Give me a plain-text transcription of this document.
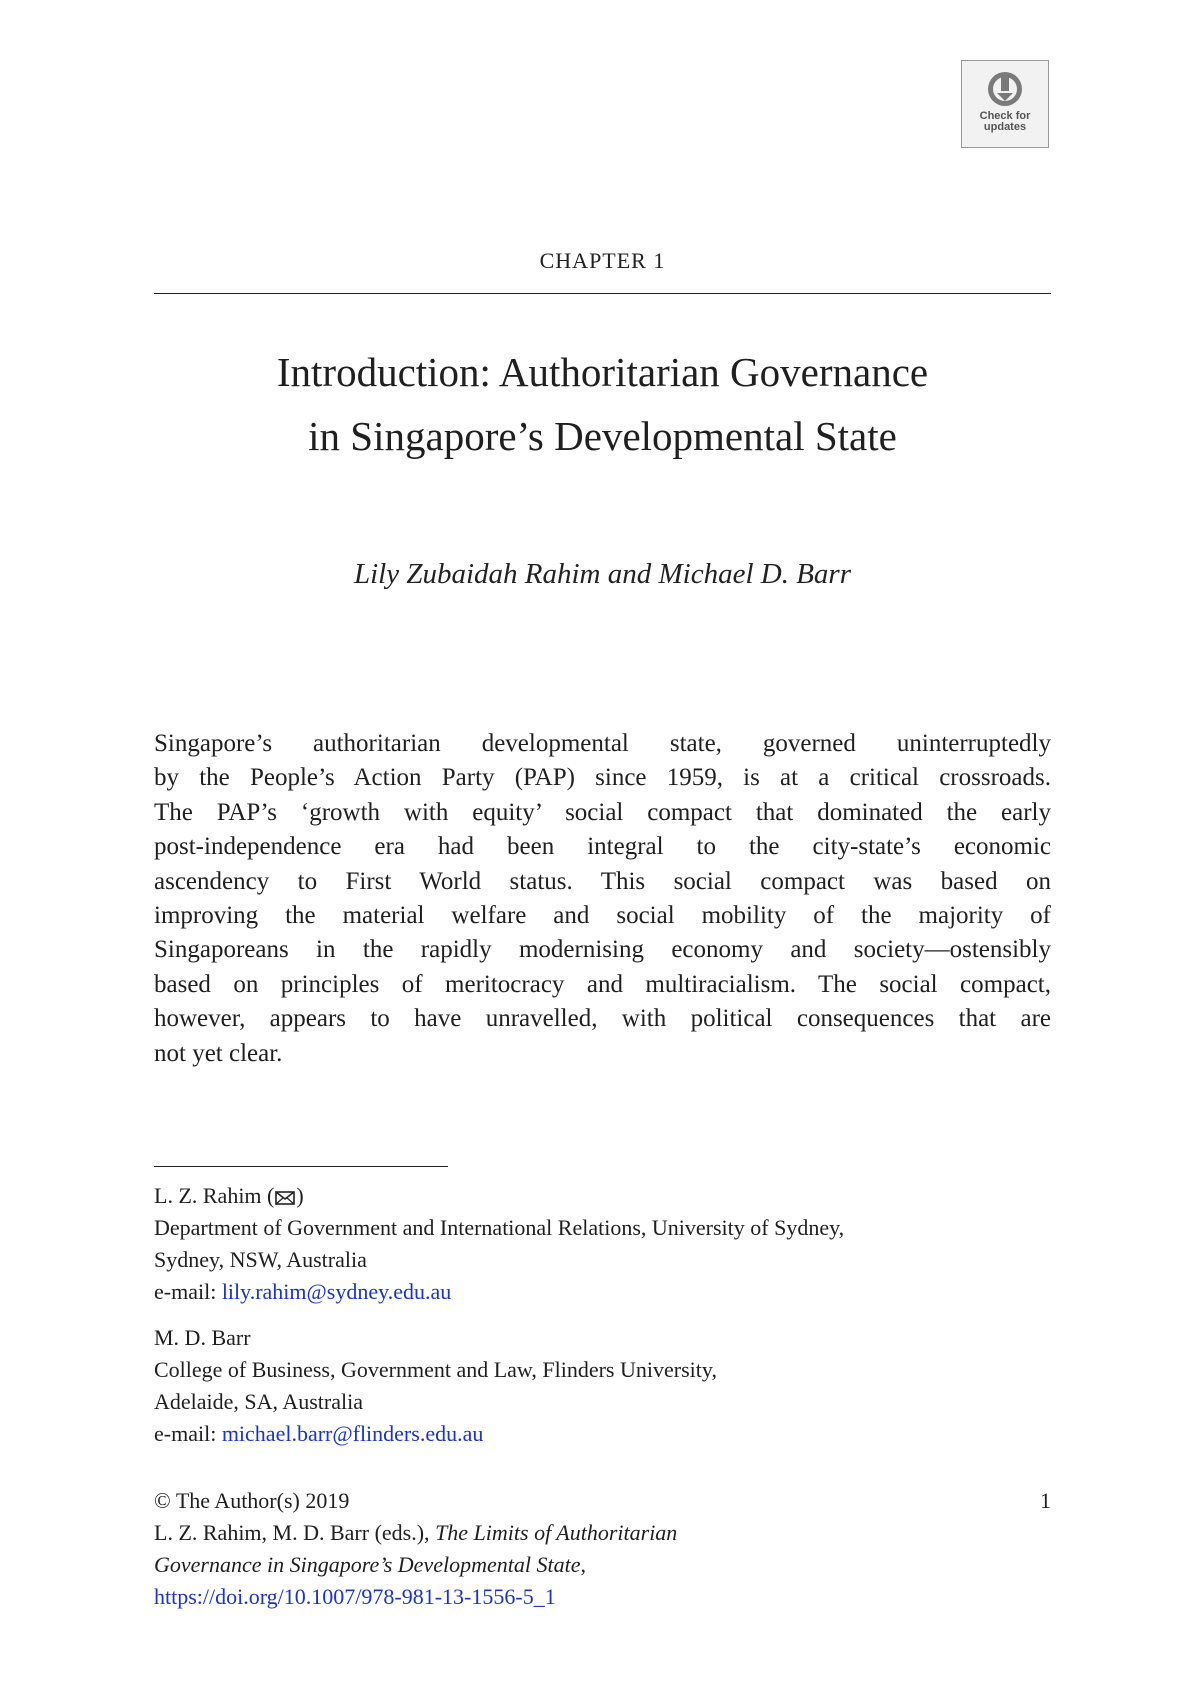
Check for
updates
CHAPTER 1
Introduction: Authoritarian Governance
in Singapore’s Developmental State
Lily Zubaidah Rahim and Michael D. Barr
Singapore’s authoritarian developmental state, governed uninterruptedly
by the People’s Action Party (PAP) since 1959, is at a critical crossroads.
The PAP’s ‘growth with equity’ social compact that dominated the early
post-independence era had been integral to the city-state’s economic
ascendency to First World status. This social compact was based on
improving the material welfare and social mobility of the majority of
Singaporeans in the rapidly modernising economy and society—ostensibly
based on principles of meritocracy and multiracialism. The social compact,
however, appears to have unravelled, with political consequences that are
not yet clear.
L. Z. Rahim ( )
Department of Government and International Relations, University of Sydney,
Sydney, NSW, Australia
e-mail: lily.rahim@sydney.edu.au
M. D. Barr
College of Business, Government and Law, Flinders University,
Adelaide, SA, Australia
e-mail: michael.barr@flinders.edu.au
© The Author(s) 2019	1
L. Z. Rahim, M. D. Barr (eds.), The Limits of Authoritarian
Governance in Singapore’s Developmental State,
https://doi.org/10.1007/978-981-13-1556-5_1
